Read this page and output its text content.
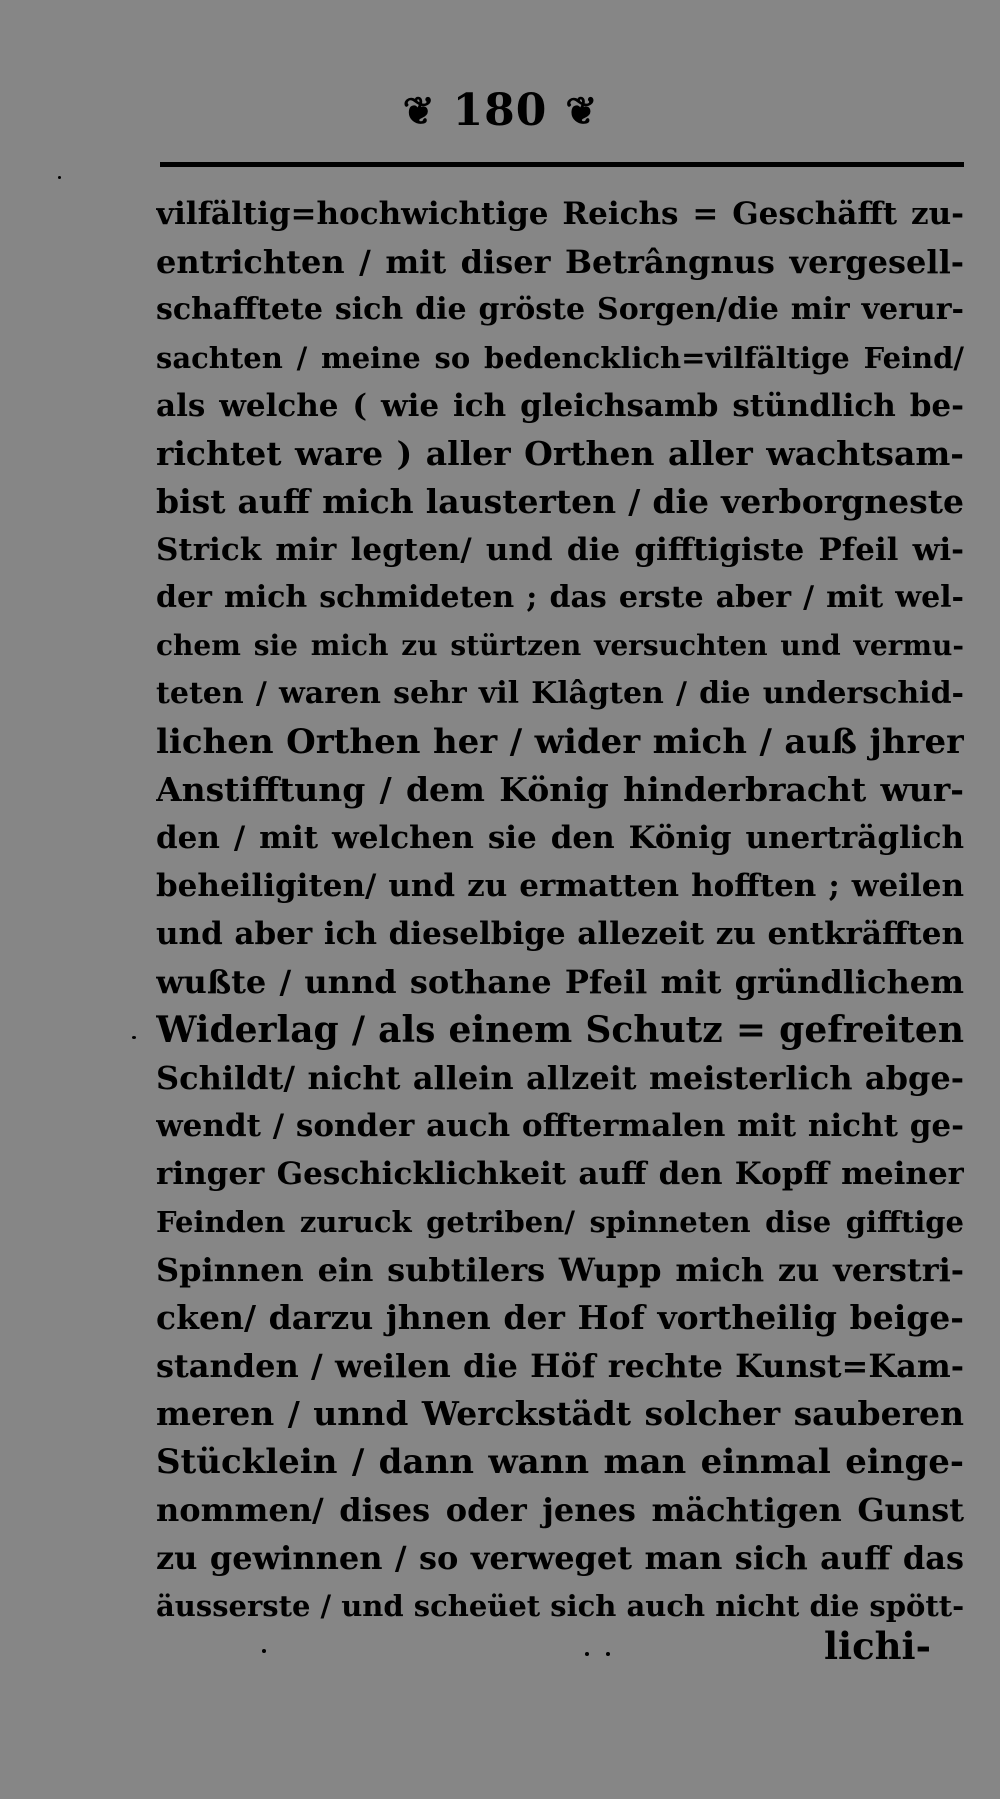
❦ 180 ❦
vilfältig=hochwichtige Reichs = Geschäfft zu-
entrichten / mit diser Betrângnus vergesell-
schafftete sich die gröste Sorgen/die mir verur-
sachten / meine so bedencklich=vilfältige Feind/
als welche ( wie ich gleichsamb stündlich be-
richtet ware ) aller Orthen aller wachtsam-
bist auff mich lausterten / die verborgneste
Strick mir legten/ und die gifftigiste Pfeil wi-
der mich schmideten ; das erste aber / mit wel-
chem sie mich zu stürtzen versuchten und vermu-
teten / waren sehr vil Klâgten / die underschid-
lichen Orthen her / wider mich / auß jhrer
Anstifftung / dem König hinderbracht wur-
den / mit welchen sie den König unerträglich
beheiligiten/ und zu ermatten hofften ; weilen
und aber ich dieselbige allezeit zu entkräfften
wußte / unnd sothane Pfeil mit gründlichem
Widerlag / als einem Schutz = gefreiten
Schildt/ nicht allein allzeit meisterlich abge-
wendt / sonder auch offtermalen mit nicht ge-
ringer Geschicklichkeit auff den Kopff meiner
Feinden zuruck getriben/ spinneten dise gifftige
Spinnen ein subtilers Wupp mich zu verstri-
cken/ darzu jhnen der Hof vortheilig beige-
standen / weilen die Höf rechte Kunst=Kam-
meren / unnd Werckstädt solcher sauberen
Stücklein / dann wann man einmal einge-
nommen/ dises oder jenes mächtigen Gunst
zu gewinnen / so verweget man sich auff das
äusserste / und scheüet sich auch nicht die spött-
lichi-
